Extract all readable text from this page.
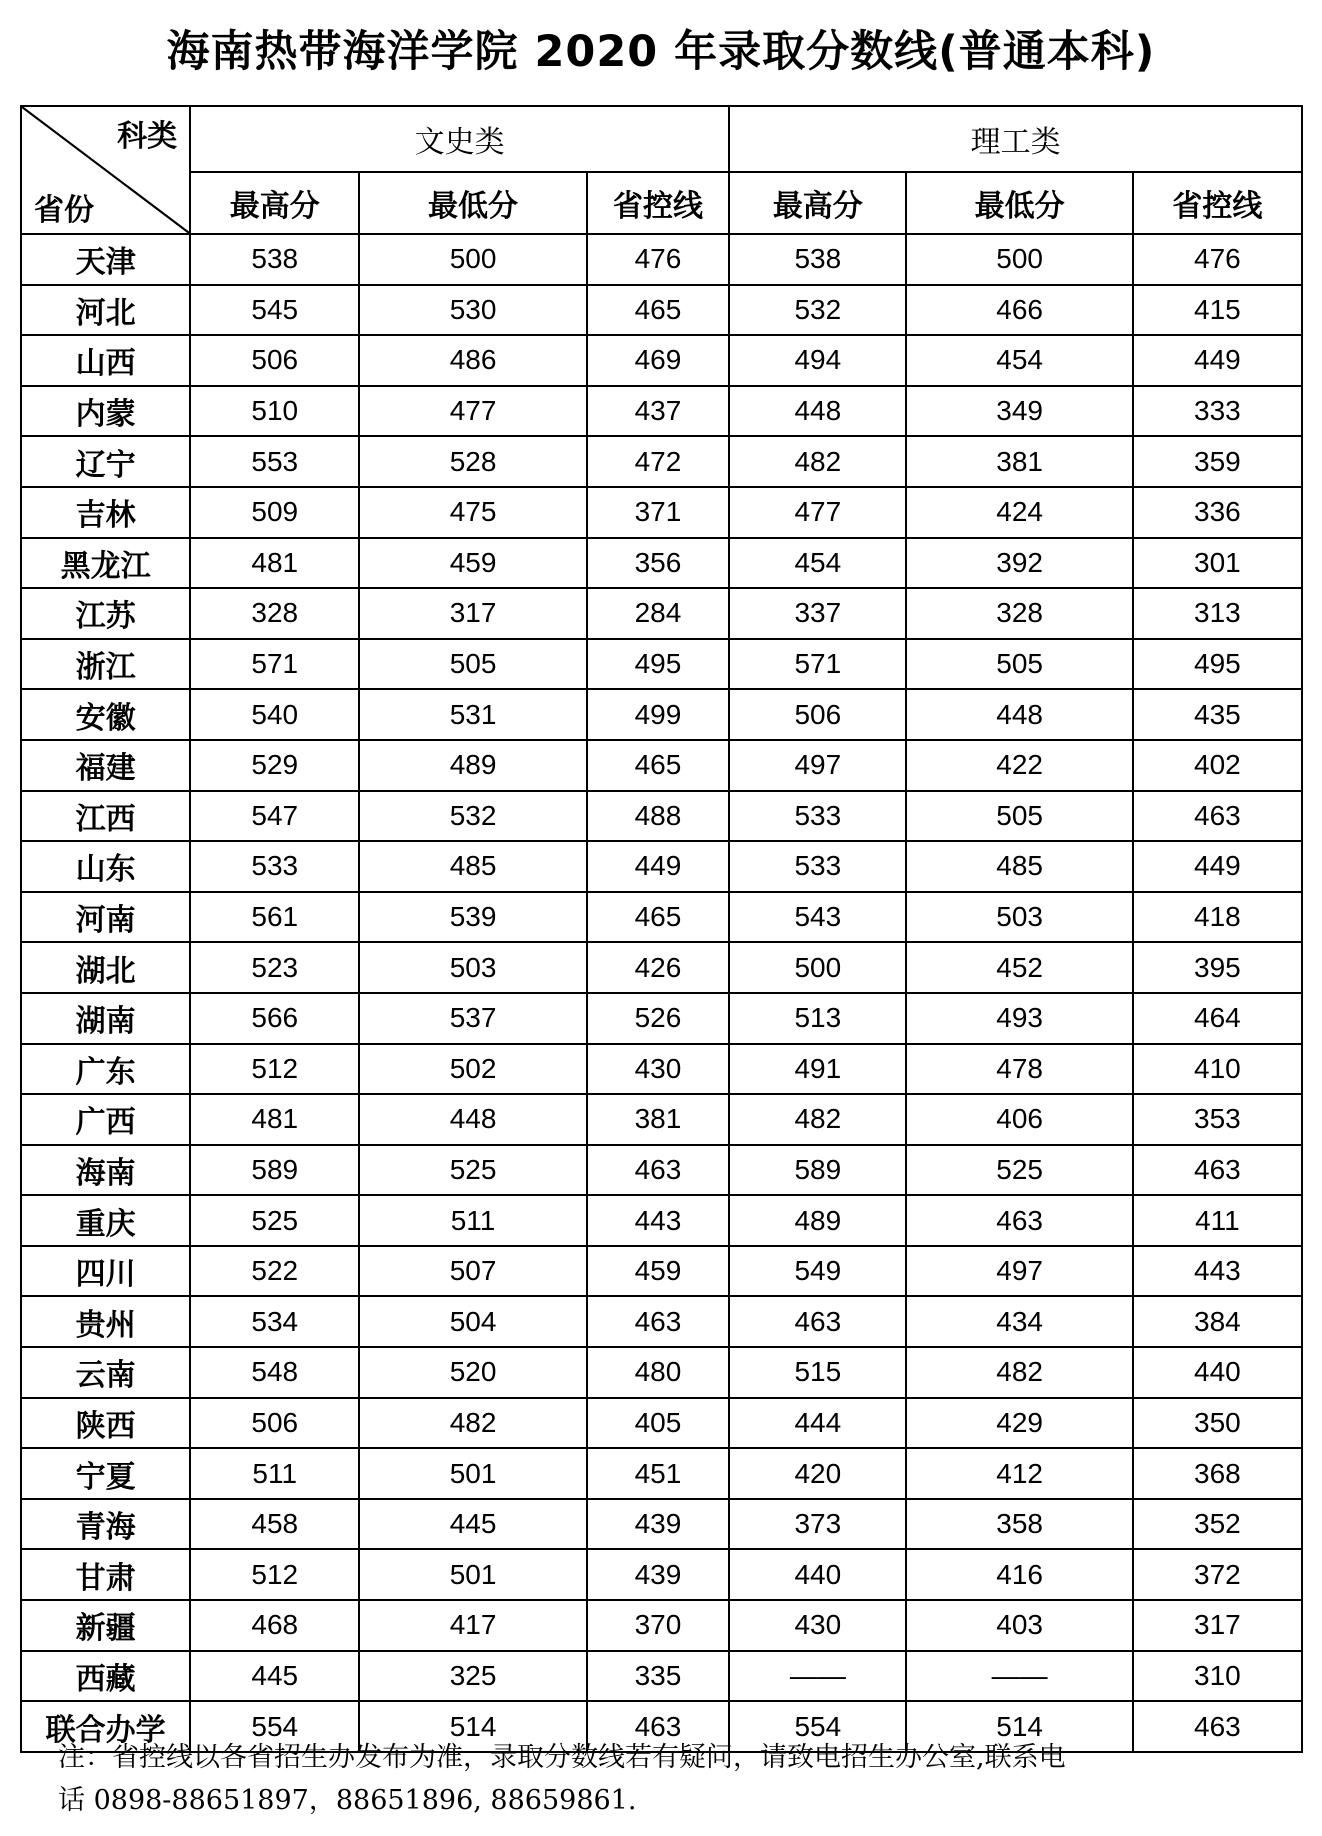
海南热带海洋学院 2020 年录取分数线(普通本科)
科类
省份	文史类			理工类		
	最高分	最低分	省控线	最高分	最低分	省控线
天津	538	500	476	538	500	476
河北	545	530	465	532	466	415
山西	506	486	469	494	454	449
内蒙	510	477	437	448	349	333
辽宁	553	528	472	482	381	359
吉林	509	475	371	477	424	336
黑龙江	481	459	356	454	392	301
江苏	328	317	284	337	328	313
浙江	571	505	495	571	505	495
安徽	540	531	499	506	448	435
福建	529	489	465	497	422	402
江西	547	532	488	533	505	463
山东	533	485	449	533	485	449
河南	561	539	465	543	503	418
湖北	523	503	426	500	452	395
湖南	566	537	526	513	493	464
广东	512	502	430	491	478	410
广西	481	448	381	482	406	353
海南	589	525	463	589	525	463
重庆	525	511	443	489	463	411
四川	522	507	459	549	497	443
贵州	534	504	463	463	434	384
云南	548	520	480	515	482	440
陕西	506	482	405	444	429	350
宁夏	511	501	451	420	412	368
青海	458	445	439	373	358	352
甘肃	512	501	439	440	416	372
新疆	468	417	370	430	403	317
西藏	445	325	335	——	——	310
联合办学	554	514	463	554	514	463
注：省控线以各省招生办发布为准，录取分数线若有疑问，请致电招生办公室,联系电
话 0898-88651897，88651896, 88659861.
